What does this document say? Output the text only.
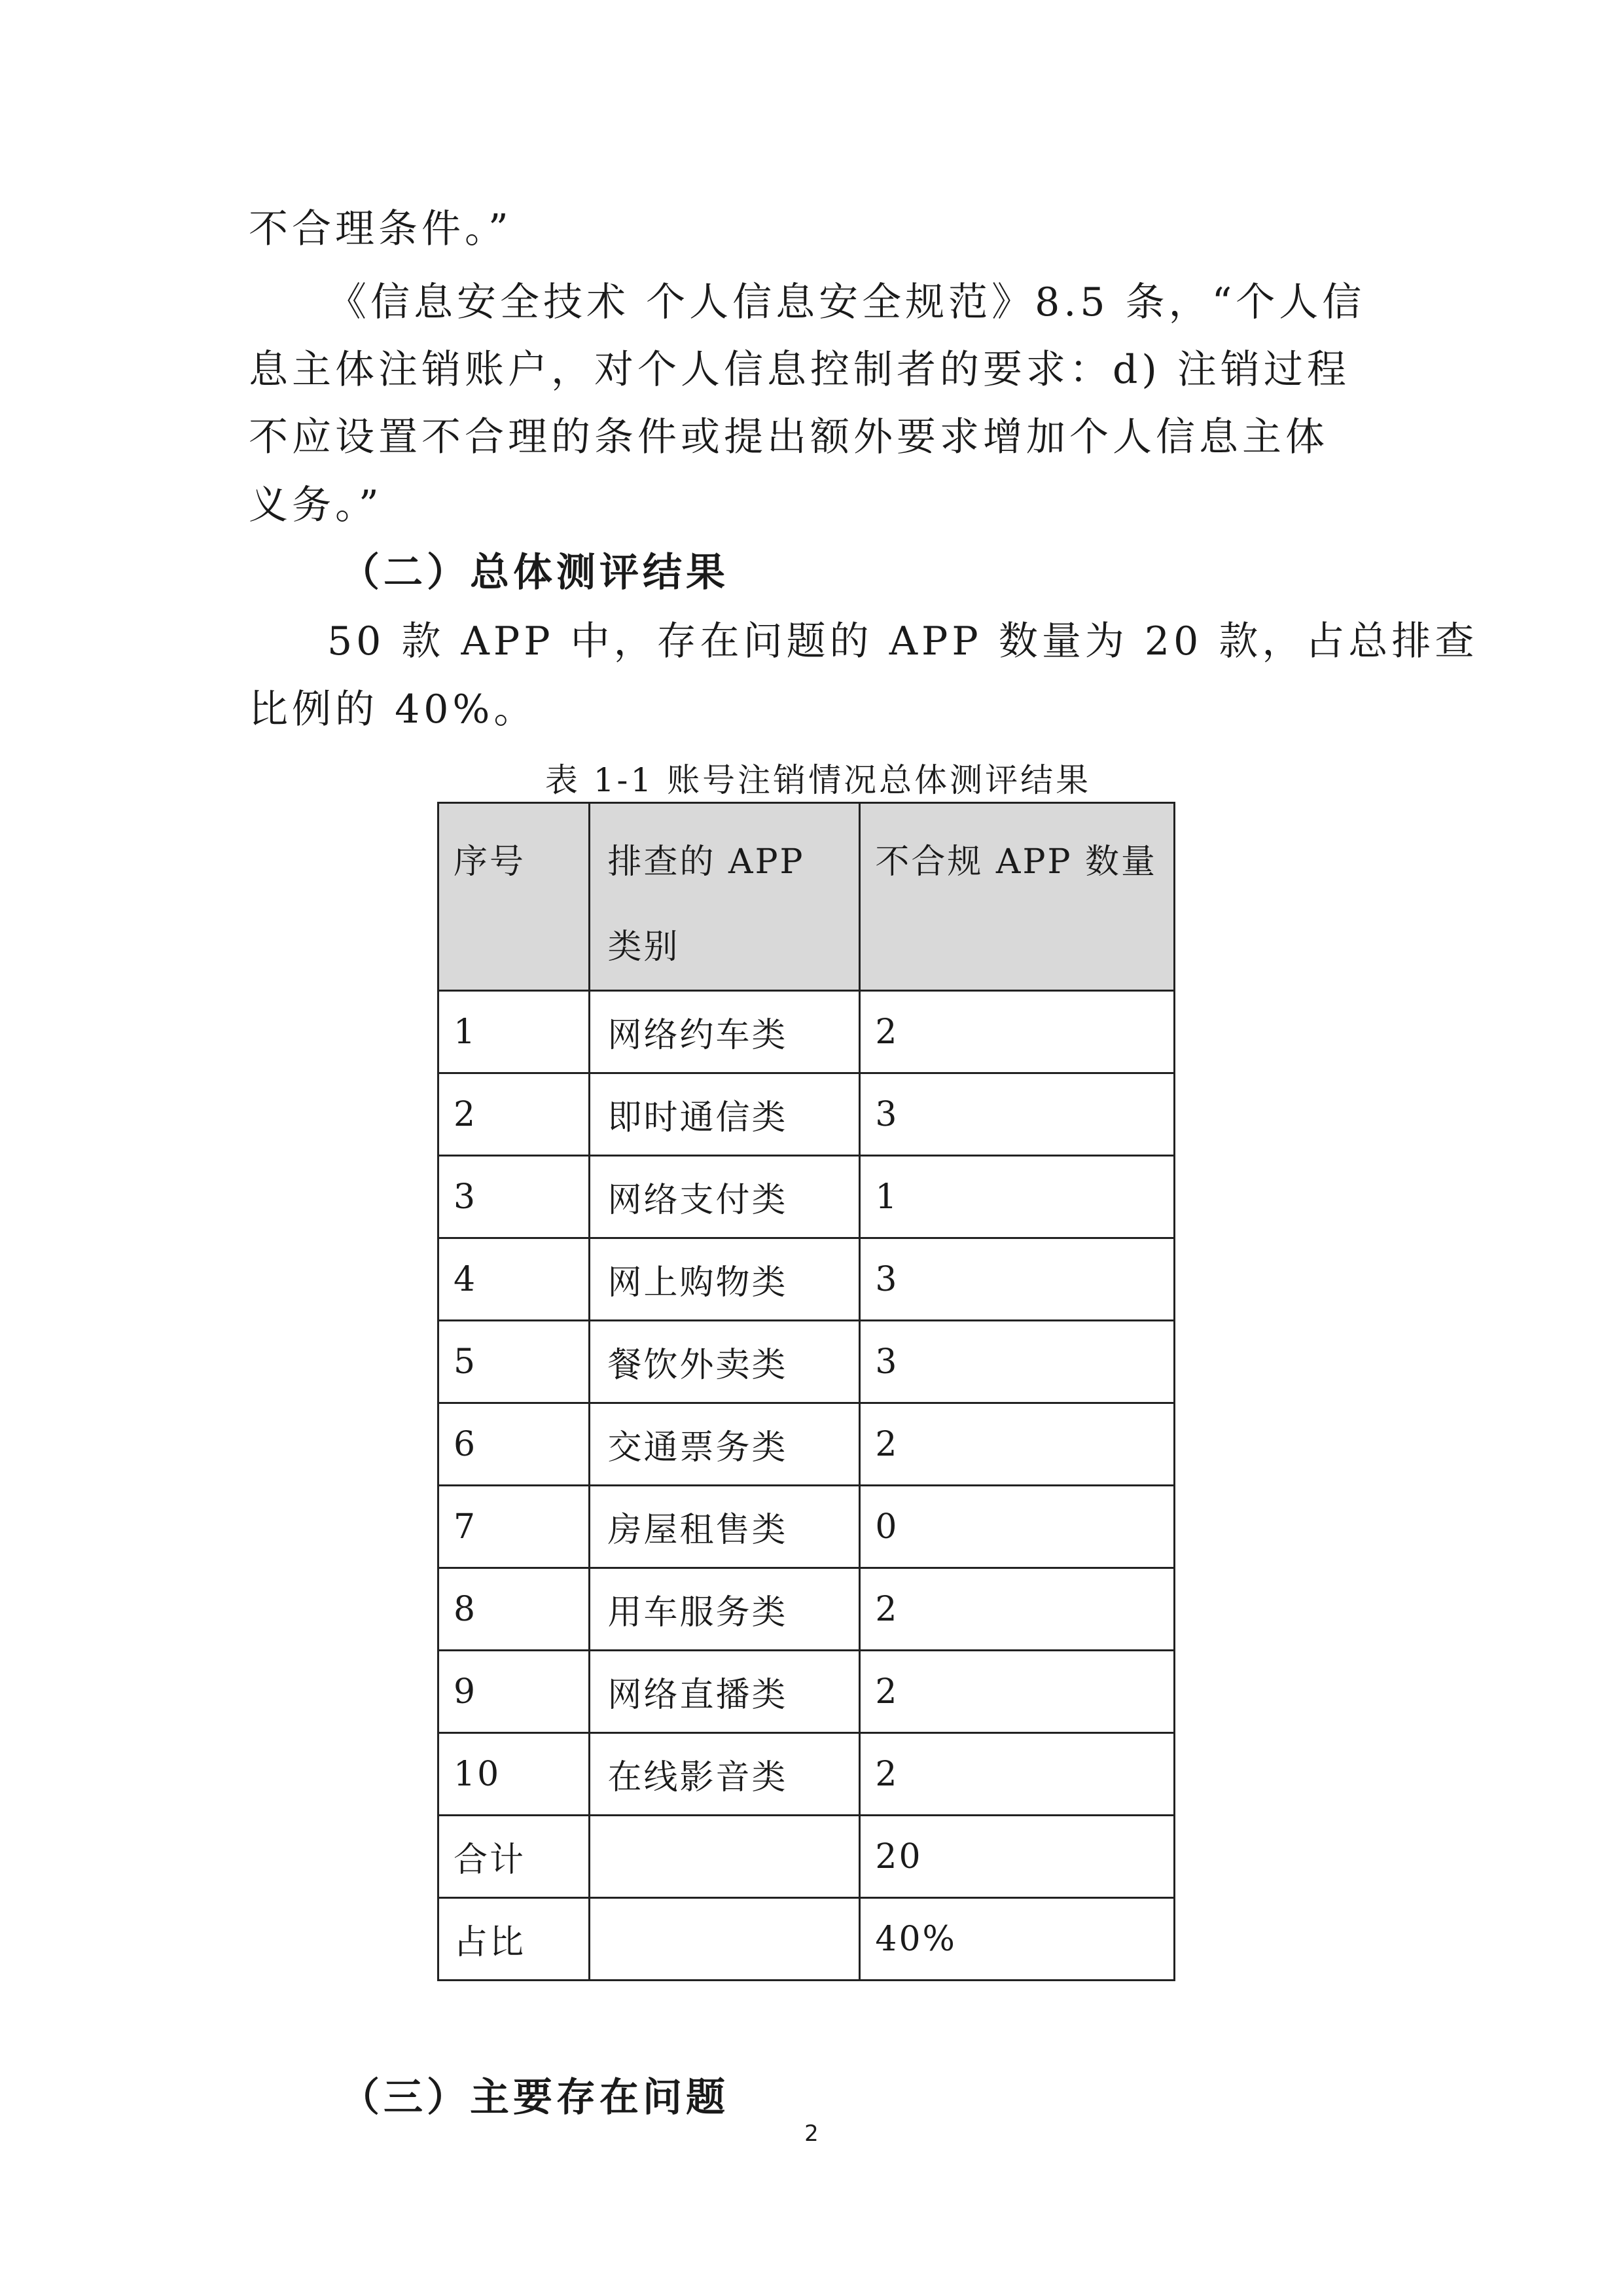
不合理条件。”
《信息安全技术 个人信息安全规范》8.5 条，“个人信
息主体注销账户，对个人信息控制者的要求：d) 注销过程
不应设置不合理的条件或提出额外要求增加个人信息主体
义务。”
（二）总体测评结果
50 款 APP 中，存在问题的 APP 数量为 20 款，占总排查
比例的 40%。
表 1-1 账号注销情况总体测评结果
序号	排查的 APP 类别	不合规 APP 数量
1	网络约车类	2
2	即时通信类	3
3	网络支付类	1
4	网上购物类	3
5	餐饮外卖类	3
6	交通票务类	2
7	房屋租售类	0
8	用车服务类	2
9	网络直播类	2
10	在线影音类	2
合计		20
占比		40%
（三）主要存在问题
2
